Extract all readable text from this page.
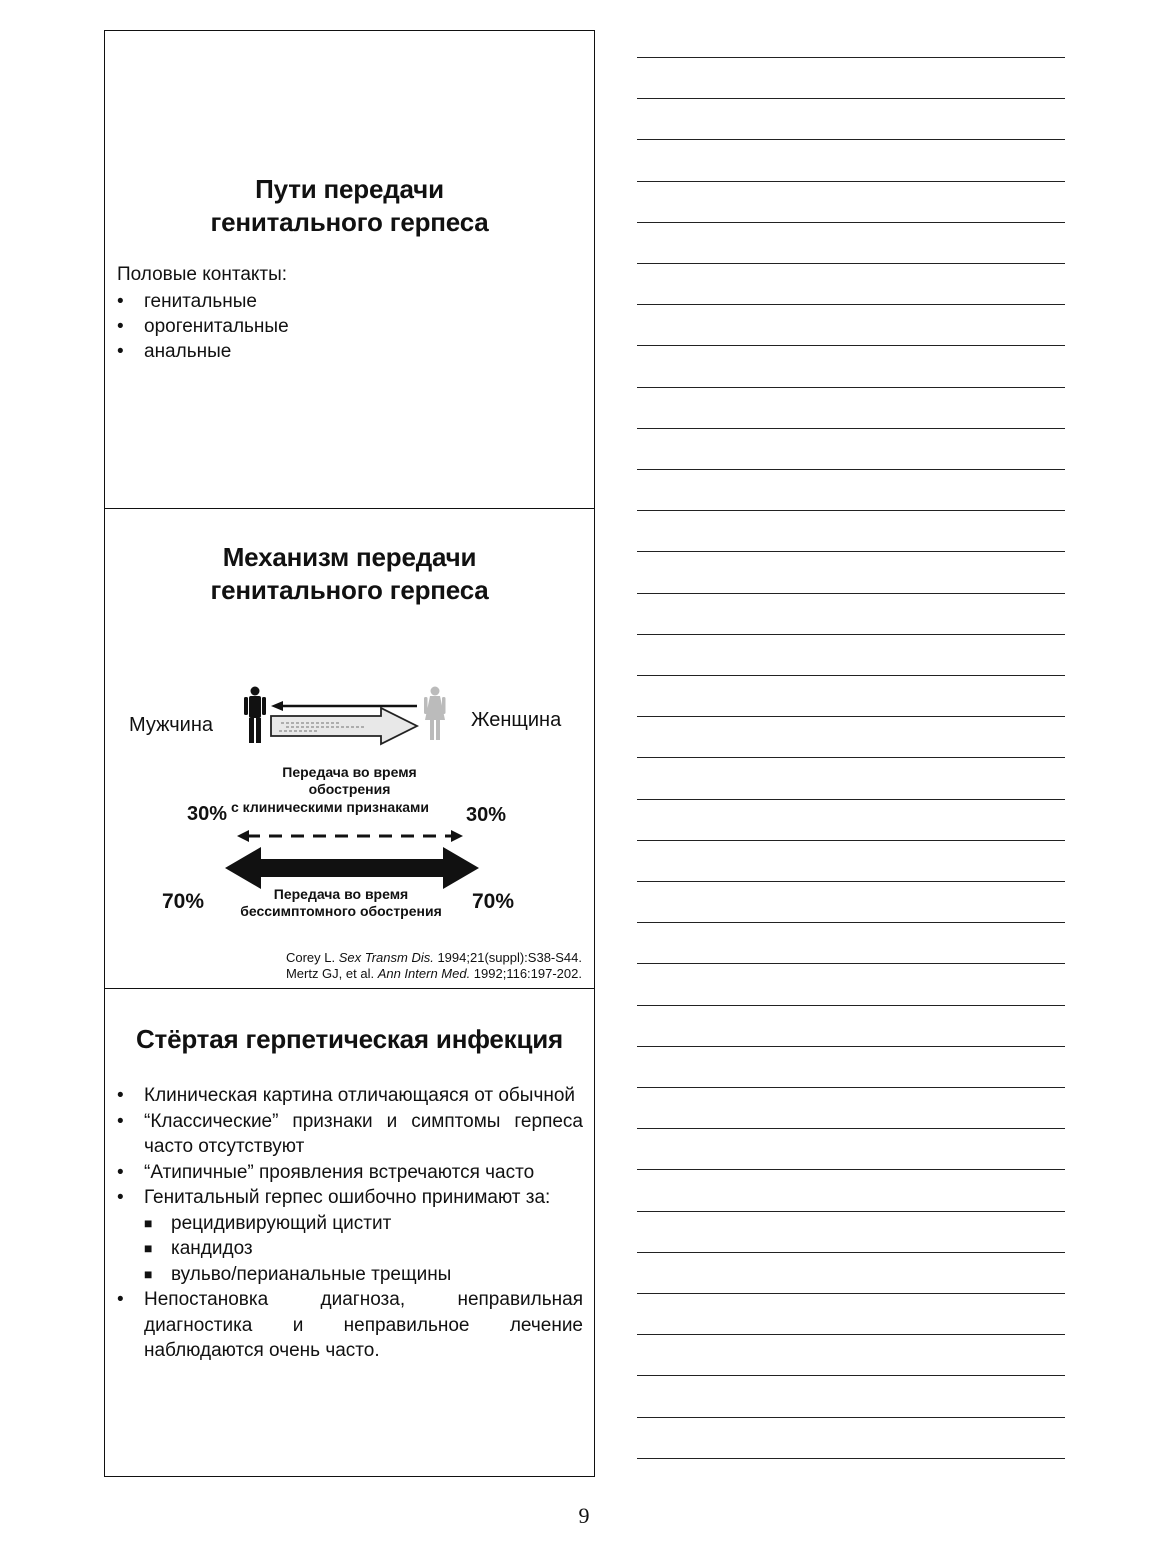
Пути передачи
генитального герпеса
Половые контакты:
• генитальные
• орогенитальные
• анальные
Механизм передачи
генитального герпеса
Мужчина	Женщина
Передача во время
обострения
30% с клиническими признаками 30%
70%	Передача во время
бессимптомного обострения	70%
Corey L. Sex Transm Dis. 1994;21(suppl):S38-S44.
Mertz GJ, et al. Ann Intern Med. 1992;116:197-202.
Стёртая герпетическая инфекция
•	Клиническая картина отличающаяся от обычной
•	“Классические” признаки и симптомы герпеса часто отсутствуют
•	“Атипичные” проявления встречаются часто
•	Генитальный герпес ошибочно принимают за:
■ рецидивирующий цистит
■ кандидоз
■ вульво/перианальные трещины
•	Непостановка диагноза, неправильная диагностика и неправильное лечение наблюдаются очень часто.
9
